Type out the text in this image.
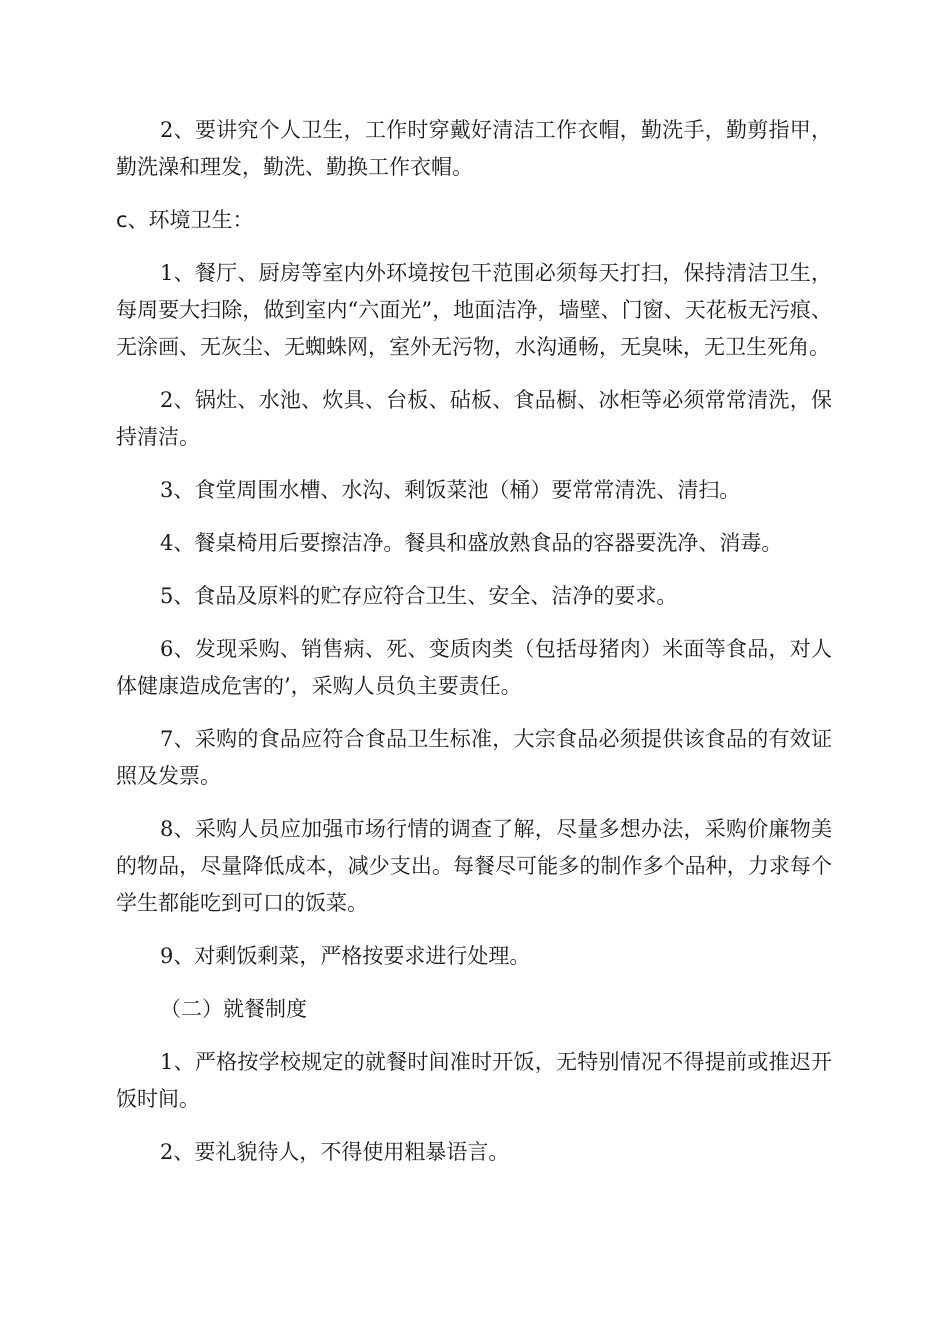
2、要讲究个人卫生，工作时穿戴好清洁工作衣帽，勤洗手，勤剪指甲，勤洗澡和理发，勤洗、勤换工作衣帽。

c、环境卫生：

1、餐厅、厨房等室内外环境按包干范围必须每天打扫，保持清洁卫生，每周要大扫除，做到室内“六面光”，地面洁净，墙壁、门窗、天花板无污痕、无涂画、无灰尘、无蜘蛛网，室外无污物，水沟通畅，无臭味，无卫生死角。

2、锅灶、水池、炊具、台板、砧板、食品橱、冰柜等必须常常清洗，保持清洁。

3、食堂周围水槽、水沟、剩饭菜池（桶）要常常清洗、清扫。

4、餐桌椅用后要擦洁净。餐具和盛放熟食品的容器要洗净、消毒。

5、食品及原料的贮存应符合卫生、安全、洁净的要求。

6、发现采购、销售病、死、变质肉类（包括母猪肉）米面等食品，对人体健康造成危害的’，采购人员负主要责任。

7、采购的食品应符合食品卫生标准，大宗食品必须提供该食品的有效证照及发票。

8、采购人员应加强市场行情的调查了解，尽量多想办法，采购价廉物美的物品，尽量降低成本，减少支出。每餐尽可能多的制作多个品种，力求每个学生都能吃到可口的饭菜。

9、对剩饭剩菜，严格按要求进行处理。

（二）就餐制度

1、严格按学校规定的就餐时间准时开饭，无特别情况不得提前或推迟开饭时间。

2、要礼貌待人，不得使用粗暴语言。
